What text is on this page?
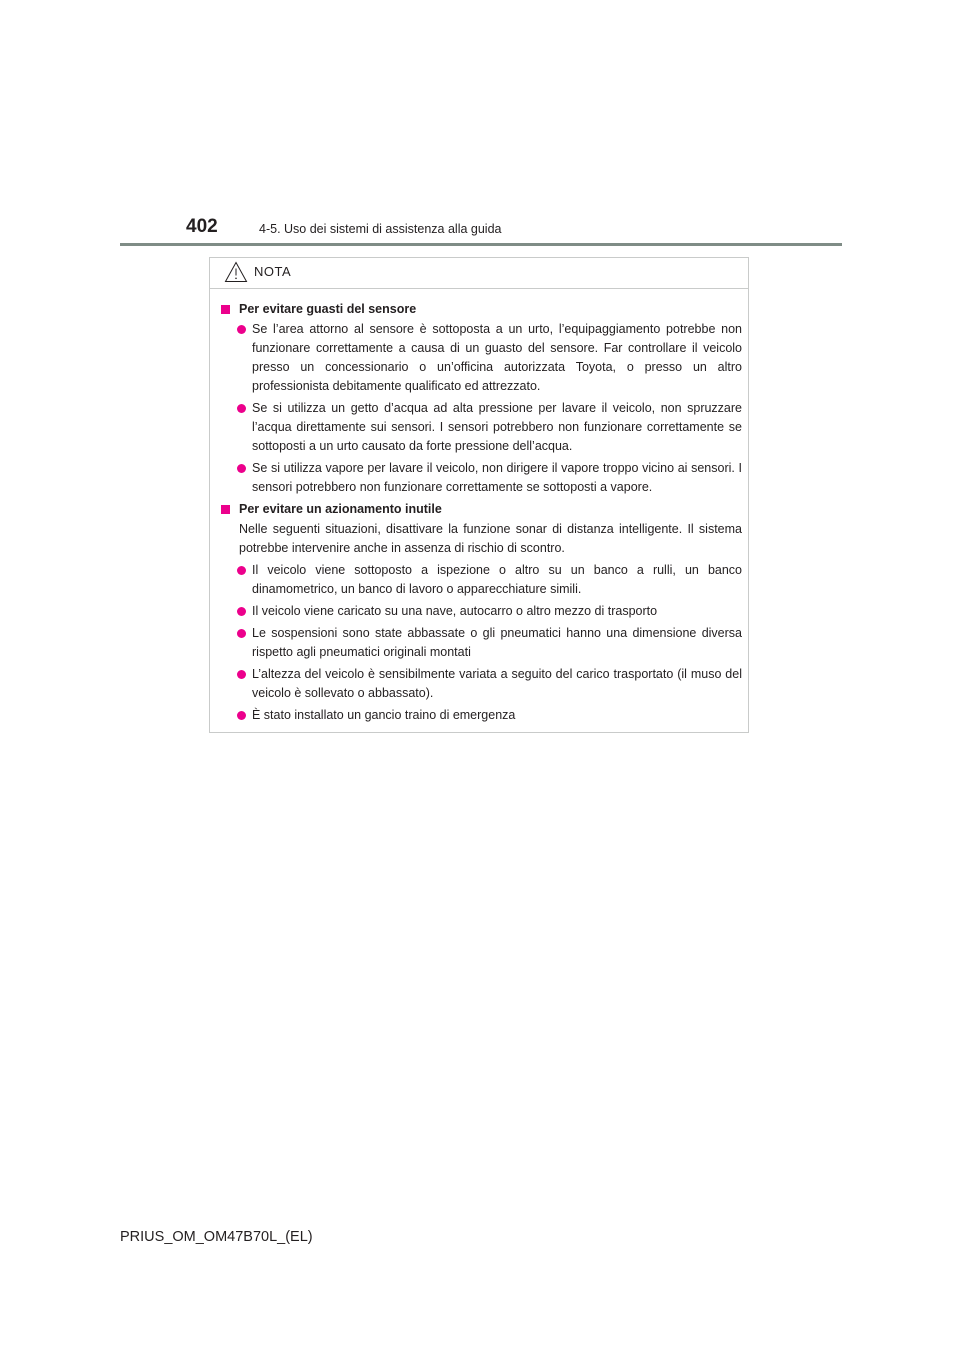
402	4-5. Uso dei sistemi di assistenza alla guida
NOTA
Per evitare guasti del sensore
Se l’area attorno al sensore è sottoposta a un urto, l’equipaggiamento potrebbe non funzionare correttamente a causa di un guasto del sensore. Far controllare il veicolo presso un concessionario o un’officina autorizzata Toyota, o presso un altro professionista debitamente qualificato ed attrezzato.
Se si utilizza un getto d’acqua ad alta pressione per lavare il veicolo, non spruzzare l’acqua direttamente sui sensori. I sensori potrebbero non funzionare correttamente se sottoposti a un urto causato da forte pressione dell’acqua.
Se si utilizza vapore per lavare il veicolo, non dirigere il vapore troppo vicino ai sensori. I sensori potrebbero non funzionare correttamente se sottoposti a vapore.
Per evitare un azionamento inutile
Nelle seguenti situazioni, disattivare la funzione sonar di distanza intelligente. Il sistema potrebbe intervenire anche in assenza di rischio di scontro.
Il veicolo viene sottoposto a ispezione o altro su un banco a rulli, un banco dinamometrico, un banco di lavoro o apparecchiature simili.
Il veicolo viene caricato su una nave, autocarro o altro mezzo di trasporto
Le sospensioni sono state abbassate o gli pneumatici hanno una dimensione diversa rispetto agli pneumatici originali montati
L’altezza del veicolo è sensibilmente variata a seguito del carico trasportato (il muso del veicolo è sollevato o abbassato).
È stato installato un gancio traino di emergenza
PRIUS_OM_OM47B70L_(EL)
